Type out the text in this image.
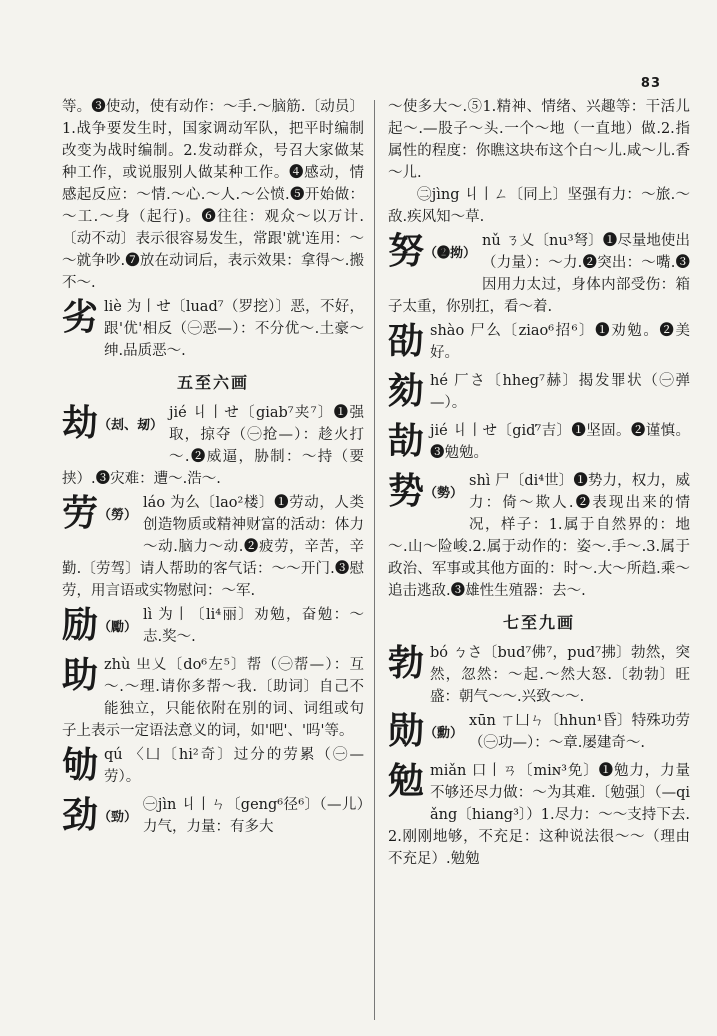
83

等。❸使动，使有动作：～手.～脑筋.〔动员〕1.战争要发生时，国家调动军队，把平时编制改变为战时编制。2.发动群众，号召大家做某种工作，或说服别人做某种工作。❹感动，情感起反应：～情.～心.～人.～公愤.❺开始做：～工.～身（起行)。❻往往：观众～以万计.〔动不动〕表示很容易发生，常跟'就'连用：～～就争吵.❼放在动词后，表示效果：拿得～.搬不～.

劣 liè 为丨せ〔luad⁷（罗挖）〕恶，不好，跟'优'相反（㊀恶—）：不分优～.土豪～绅.品质恶～.
五至六画
劫（刦、刼）
jié 丩丨せ〔giab⁷夹⁷〕❶强取，掠夺（㊀抢—）：趁火打～.❷威逼，胁制：～持（要挟）.❸灾难：遭～.浩～.
劳（勞）
láo 为么〔lao²楼〕❶劳动，人类创造物质或精神财富的活动：体力～动.脑力～动.❷疲劳，辛苦，辛勤.〔劳驾〕请人帮助的客气话：～～开门.❸慰劳，用言语或实物慰问：～军.
励（勵）
lì 为丨〔li⁴丽〕劝勉，奋勉：～志.奖～.
助 zhù 㞢乂〔do⁶左⁵〕帮（㊀帮—）：互～.～理.请你多帮～我.〔助词〕自己不能独立，只能依附在别的词、词组或句子上表示一定语法意义的词，如'吧'、'吗'等。
劬 qú 〈凵〔hi²奇〕过分的劳累（㊀—劳）。
劲（勁）
㊀jìn 丩丨ㄣ〔geng⁶径⁶〕（—儿）力气，力量：有多大

～使多大～.⑤1.精神、情绪、兴趣等：干活儿起～.—股子～头.一个～地（一直地）做.2.指属性的程度：你瞧这块布这个白～儿.咸～儿.香～儿.

㊁jìng 丩丨ㄥ〔同上〕坚强有力：～旅.～敌.疾风知～草.

努（❷拗）
nǔ ㄋ乂〔nu³弩〕❶尽量地使出（力量）：～力.❷突出：～嘴.❸因用力太过，身体内部受伤：箱子太重，你别扛，看～着.
劭 shào 尸么〔ziao⁶招⁶〕❶劝勉。❷美好。
劾 hé 厂さ〔hheg⁷赫〕揭发罪状（㊀弹—）。
劼 jié 丩丨せ〔giď⁷吉〕❶坚固。❷谨慎。❸勉勉。
势（勢）
shì 尸〔di⁴世〕❶势力，权力，威力：倚～欺人.❷表现出来的情况，样子：1.属于自然界的：地～.山～险峻.2.属于动作的：姿～.手～.3.属于政治、军事或其他方面的：时～.大～所趋.乘～追击逃敌.❸雄性生殖器：去～.
七至九画
勃 bó ㄅさ〔bud⁷佛⁷，pud⁷拂〕勃然，突然，忽然：～起.～然大怒.〔勃勃〕旺盛：朝气～～.兴致～～.
勋（勳）
xūn ㄒ凵ㄣ〔hhun¹昏〕特殊功劳（㊀功—）：～章.屡建奇～.
勉 miǎn 口丨ㄢ〔miɴ³免〕❶勉力，力量不够还尽力做：～为其难.〔勉强〕（—qiǎng〔hiang³〕）1.尽力：～～支持下去.2.刚刚地够，不充足：这种说法很～～（理由不充足）.勉勉
